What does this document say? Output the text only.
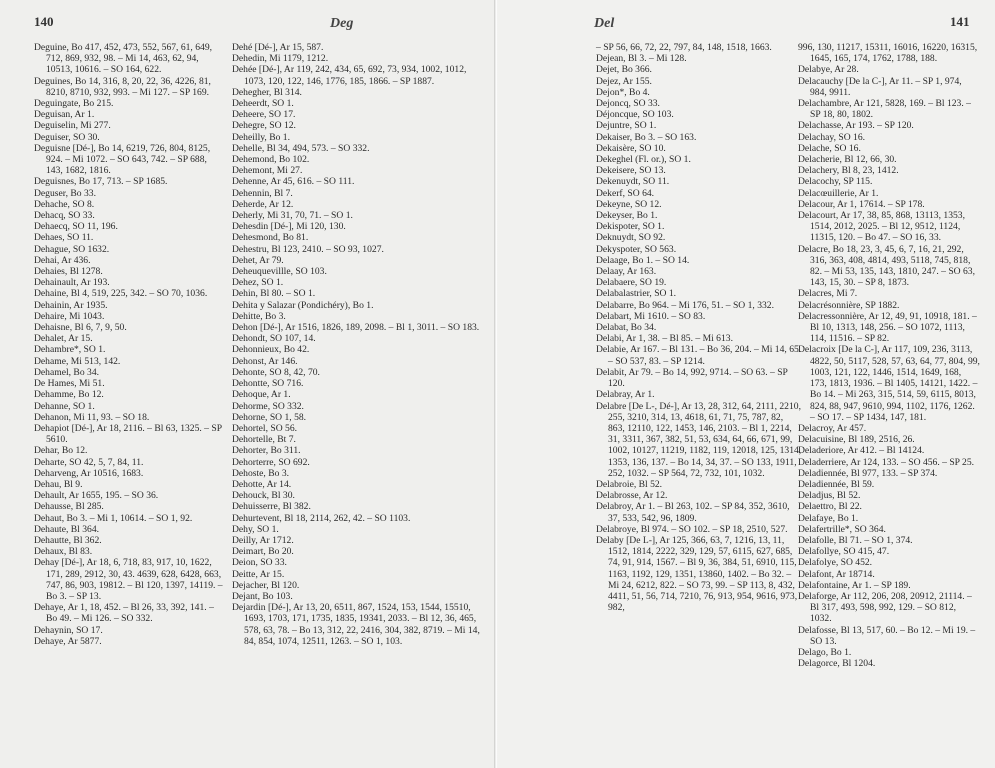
140	Deg

Deguine, Bo 417, 452, 473, 552, 567, 61, 649, 712, 869, 932, 98. – Mi 14, 463, 62, 94, 10513, 10616. – SO 164, 622.

Deguines, Bo 14, 316, 8, 20, 22, 36, 4226, 81, 8210, 8710, 932, 993. – Mi 127. – SP 169.

Deguingate, Bo 215.

Deguisan, Ar 1.

Deguiselin, Mi 277.

Deguiser, SO 30.

Deguisne [Dé-], Bo 14, 6219, 726, 804, 8125, 924. – Mi 1072. – SO 643, 742. – SP 688, 143, 1682, 1816.

Deguisnes, Bo 17, 713. – SP 1685.

Deguser, Bo 33.

Dehache, SO 8.

Dehacq, SO 33.

Dehaecq, SO 11, 196.

Dehaes, SO 11.

Dehague, SO 1632.

Dehai, Ar 436.

Dehaies, Bl 1278.

Dehainault, Ar 193.

Dehaine, Bl 4, 519, 225, 342. – SO 70, 1036.

Dehainin, Ar 1935.

Dehaire, Mi 1043.

Dehaisne, Bl 6, 7, 9, 50.

Dehalet, Ar 15.

Dehambre*, SO 1.

Dehame, Mi 513, 142.

Dehamel, Bo 34.

De Hames, Mi 51.

Dehamme, Bo 12.

Dehanne, SO 1.

Dehanon, Mi 11, 93. – SO 18.

Dehapiot [Dé-], Ar 18, 2116. – Bl 63, 1325. – SP 5610.

Dehar, Bo 12.

Deharte, SO 42, 5, 7, 84, 11.

Deharveng, Ar 10516, 1683.

Dehau, Bl 9.

Dehault, Ar 1655, 195. – SO 36.

Dehausse, Bl 285.

Dehaut, Bo 3. – Mi 1, 10614. – SO 1, 92.

Dehaute, Bl 364.

Dehautte, Bl 362.

Dehaux, Bl 83.

Dehay [Dé-], Ar 18, 6, 718, 83, 917, 10, 1622, 171, 289, 2912, 30, 43. 4639, 628, 6428, 663, 747, 86, 903, 19812. – Bl 120, 1397, 14119. – Bo 3. – SP 13.

Dehaye, Ar 1, 18, 452. – Bl 26, 33, 392, 141. – Bo 49. – Mi 126. – SO 332.

Dehaynin, SO 17.

Dehaye, Ar 5877.

Dehé [Dé-], Ar 15, 587.

Dehedin, Mi 1179, 1212.

Dehée [Dé-], Ar 119, 242, 434, 65, 692, 73, 934, 1002, 1012, 1073, 120, 122, 146, 1776, 185, 1866. – SP 1887.

Dehegher, Bl 314.

Deheerdt, SO 1.

Deheere, SO 17.

Dehegre, SO 12.

Deheilly, Bo 1.

Dehelle, Bl 34, 494, 573. – SO 332.

Dehemond, Bo 102.

Dehemont, Mi 27.

Dehenne, Ar 45, 616. – SO 111.

Dehennin, Bl 7.

Deherde, Ar 12.

Deherly, Mi 31, 70, 71. – SO 1.

Dehesdin [Dé-], Mi 120, 130.

Dehesmond, Bo 81.

Dehestru, Bl 123, 2410. – SO 93, 1027.

Dehet, Ar 79.

Deheuquevillle, SO 103.

Dehez, SO 1.

Dehin, Bl 80. – SO 1.

Dehita y Salazar (Pondichéry), Bo 1.

Dehitte, Bo 3.

Dehon [Dé-], Ar 1516, 1826, 189, 2098. – Bl 1, 3011. – SO 183.

Dehondt, SO 107, 14.

Dehonnieux, Bo 42.

Dehonst, Ar 146.

Dehonte, SO 8, 42, 70.

Dehontte, SO 716.

Dehoque, Ar 1.

Dehorme, SO 332.

Dehorne, SO 1, 58.

Dehortel, SO 56.

Dehortelle, Bt 7.

Dehorter, Bo 311.

Dehorterre, SO 692.

Dehoste, Bo 3.

Dehotte, Ar 14.

Dehouck, Bl 30.

Dehuisserre, Bl 382.

Dehurtevent, Bl 18, 2114, 262, 42. – SO 1103.

Dehy, SO 1.

Deilly, Ar 1712.

Deimart, Bo 20.

Deion, SO 33.

Deitte, Ar 15.

Dejacher, Bl 120.

Dejant, Bo 103.

Dejardin [Dé-], Ar 13, 20, 6511, 867, 1524, 153, 1544, 15510, 1693, 1703, 171, 1735, 1835, 19341, 2033. – Bl 12, 36, 465, 578, 63, 78. – Bo 13, 312, 22, 2416, 304, 382, 8719. – Mi 14, 84, 854, 1074, 12511, 1263. – SO 1, 103.

Del	141

– SP 56, 66, 72, 22, 797, 84, 148, 1518, 1663.

Dejean, Bl 3. – Mi 128.

Dejet, Bo 366.

Dejez, Ar 155.

Dejon*, Bo 4.

Dejoncq, SO 33.

Déjoncque, SO 103.

Dejuntre, SO 1.

Dekaiser, Bo 3. – SO 163.

Dekaisère, SO 10.

Dekeghel (Fl. or.), SO 1.

Dekeisere, SO 13.

Dekenuydt, SO 11.

Dekerf, SO 64.

Dekeyne, SO 12.

Dekeyser, Bo 1.

Dekispoter, SO 1.

Deknuydt, SO 92.

Dekyspoter, SO 563.

Delaage, Bo 1. – SO 14.

Delaay, Ar 163.

Delabaere, SO 19.

Delabalastrier, SO 1.

Delabarre, Bo 964. – Mi 176, 51. – SO 1, 332.

Delabart, Mi 1610. – SO 83.

Delabat, Bo 34.

Delabi, Ar 1, 38. – Bl 85. – Mi 613.

Delabie, Ar 167. – Bl 131. – Bo 36, 204. – Mi 14, 65. – SO 537, 83. – SP 1214.

Delabit, Ar 79. – Bo 14, 992, 9714. – SO 63. – SP 120.

Delabray, Ar 1.

Delabre [De L-, Dé-], Ar 13, 28, 312, 64, 2111, 2210, 255, 3210, 314, 13, 4618, 61, 71, 75, 787, 82, 863, 12110, 122, 1453, 146, 2103. – Bl 1, 2214, 31, 3311, 367, 382, 51, 53, 634, 64, 66, 671, 99, 1002, 10127, 11219, 1182, 119, 12018, 125, 1314, 1353, 136, 137. – Bo 14, 34, 37. – SO 133, 1911, 252, 1032. – SP 564, 72, 732, 101, 1032.

Delabroie, Bl 52.

Delabrosse, Ar 12.

Delabroy, Ar 1. – Bl 263, 102. – SP 84, 352, 3610, 37, 533, 542, 96, 1809.

Delabroye, Bl 974. – SO 102. – SP 18, 2510, 527.

Delaby [De L-], Ar 125, 366, 63, 7, 1216, 13, 11, 1512, 1814, 2222, 329, 129, 57, 6115, 627, 685, 74, 91, 914, 1567. – Bl 9, 36, 384, 51, 6910, 115, 1163, 1192, 129, 1351, 13860, 1402. – Bo 32. – Mi 24, 6212, 822. – SO 73, 99. – SP 113, 8, 432, 4411, 51, 56, 714, 7210, 76, 913, 954, 9616, 973, 982,

996, 130, 11217, 15311, 16016, 16220, 16315, 1645, 165, 174, 1762, 1788, 188.

Delabye, Ar 28.

Delacauchy [De la C-], Ar 11. – SP 1, 974, 984, 9911.

Delachambre, Ar 121, 5828, 169. – Bl 123. – SP 18, 80, 1802.

Delachasse, Ar 193. – SP 120.

Delachay, SO 16.

Delache, SO 16.

Delacherie, Bl 12, 66, 30.

Delachery, Bl 8, 23, 1412.

Delacochy, SP 115.

Delacœuillerie, Ar 1.

Delacour, Ar 1, 17614. – SP 178.

Delacourt, Ar 17, 38, 85, 868, 13113, 1353, 1514, 2012, 2025. – Bl 12, 9512, 1124, 11315, 120. – Bo 47. – SO 16, 33.

Delacre, Bo 18, 23, 3, 45, 6, 7, 16, 21, 292, 316, 363, 408, 4814, 493, 5118, 745, 818, 82. – Mi 53, 135, 143, 1810, 247. – SO 63, 143, 15, 30. – SP 8, 1873.

Delacres, Mi 7.

Delacrésonnière, SP 1882.

Delacressonnière, Ar 12, 49, 91, 10918, 181. – Bl 10, 1313, 148, 256. – SO 1072, 1113, 114, 11516. – SP 82.

Delacroix [De la C-], Ar 117, 109, 236, 3113, 4822, 50, 5117, 528, 57, 63, 64, 77, 804, 99, 1003, 121, 122, 1446, 1514, 1649, 168, 173, 1813, 1936. – Bl 1405, 14121, 1422. – Bo 14. – Mi 263, 315, 514, 59, 6115, 8013, 824, 88, 947, 9610, 994, 1102, 1176, 1262. – SO 17. – SP 1434, 147, 181.

Delacroy, Ar 457.

Delacuisine, Bl 189, 2516, 26.

Deladeriore, Ar 412. – Bl 14124.

Deladerriere, Ar 124, 133. – SO 456. – SP 25.

Deladiennée, Bl 977, 133. – SP 374.

Deladiennée, Bl 59.

Deladjus, Bl 52.

Delaettro, Bl 22.

Delafaye, Bo 1.

Delafertrille*, SO 364.

Delafolle, Bl 71. – SO 1, 374.

Delafollye, SO 415, 47.

Delafolye, SO 452.

Delafont, Ar 18714.

Delafontaine, Ar 1. – SP 189.

Delaforge, Ar 112, 206, 208, 20912, 21114. – Bl 317, 493, 598, 992, 129. – SO 812, 1032.

Delafosse, Bl 13, 517, 60. – Bo 12. – Mi 19. – SO 13.

Delago, Bo 1.

Delagorce, Bl 1204.
